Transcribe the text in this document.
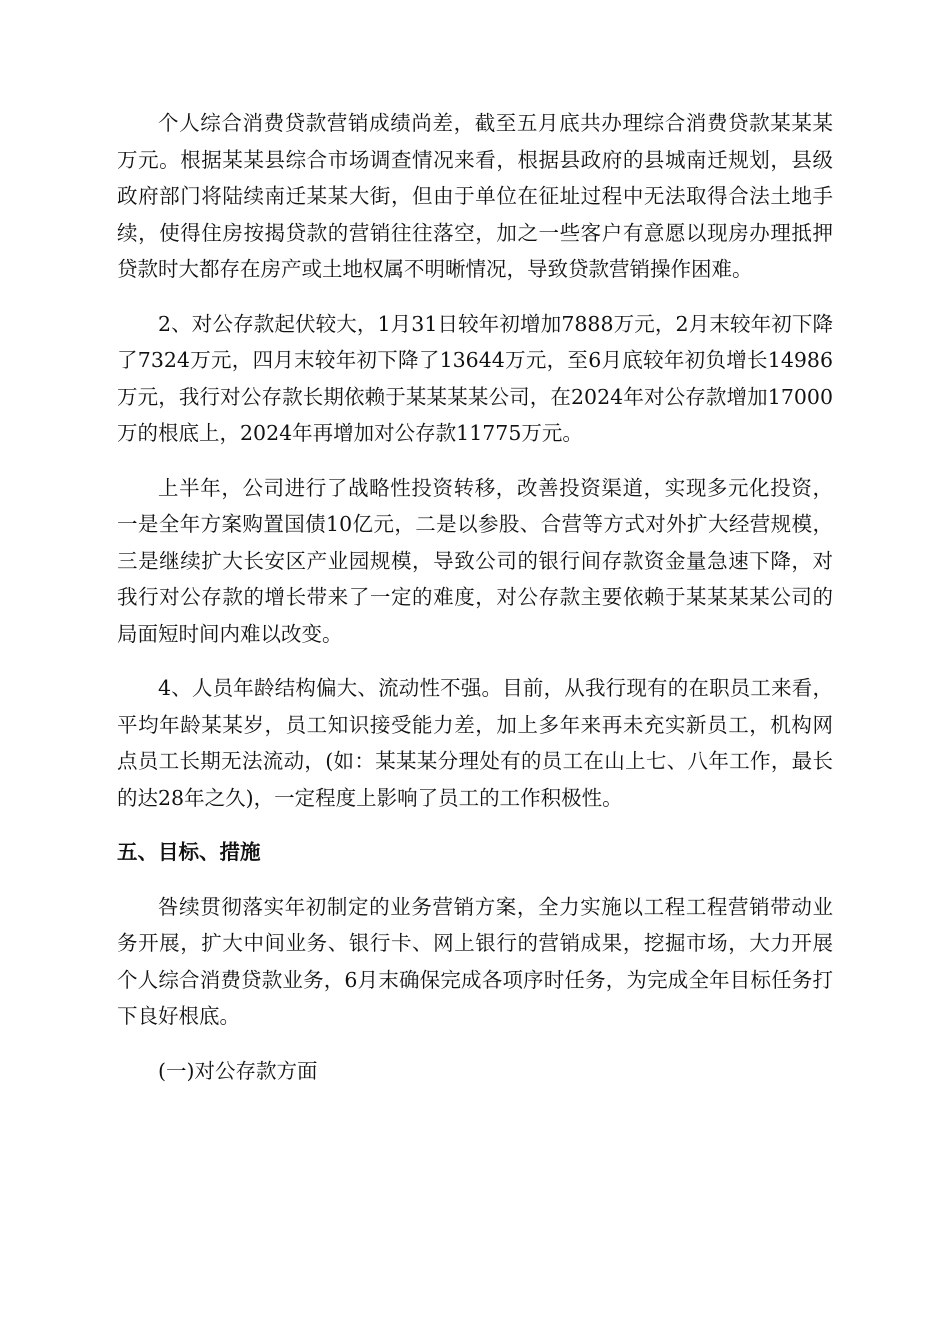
个人综合消费贷款营销成绩尚差，截至五月底共办理综合消费贷款某某某万元。根据某某县综合市场调查情况来看，根据县政府的县城南迁规划，县级政府部门将陆续南迁某某大街，但由于单位在征址过程中无法取得合法土地手续，使得住房按揭贷款的营销往往落空，加之一些客户有意愿以现房办理抵押贷款时大都存在房产或土地权属不明晰情况，导致贷款营销操作困难。

2、对公存款起伏较大，1月31日较年初增加7888万元，2月末较年初下降了7324万元，四月末较年初下降了13644万元，至6月底较年初负增长14986万元，我行对公存款长期依赖于某某某某公司，在2024年对公存款增加17000万的根底上，2024年再增加对公存款11775万元。

上半年，公司进行了战略性投资转移，改善投资渠道，实现多元化投资，一是全年方案购置国债10亿元，二是以参股、合营等方式对外扩大经营规模，三是继续扩大长安区产业园规模，导致公司的银行间存款资金量急速下降，对我行对公存款的增长带来了一定的难度，对公存款主要依赖于某某某某公司的局面短时间内难以改变。

4、人员年龄结构偏大、流动性不强。目前，从我行现有的在职员工来看，平均年龄某某岁，员工知识接受能力差，加上多年来再未充实新员工，机构网点员工长期无法流动，(如：某某某分理处有的员工在山上七、八年工作，最长的达28年之久)，一定程度上影响了员工的工作积极性。

五、目标、措施

咎续贯彻落实年初制定的业务营销方案，全力实施以工程工程营销带动业务开展，扩大中间业务、银行卡、网上银行的营销成果，挖掘市场，大力开展个人综合消费贷款业务，6月末确保完成各项序时任务，为完成全年目标任务打下良好根底。

(一)对公存款方面
